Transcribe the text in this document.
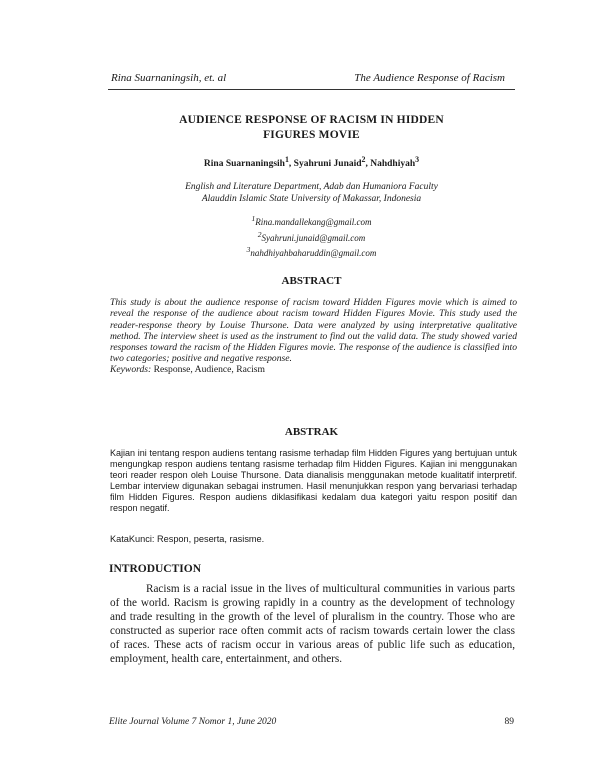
Rina Suarnaningsih, et. al	The Audience Response of Racism
AUDIENCE RESPONSE OF RACISM IN HIDDEN
FIGURES MOVIE
Rina Suarnaningsih$^1$, Syahruni Junaid$^2$, Nahdhiyah$^3$
English and Literature Department, Adab dan Humaniora Faculty
Alauddin Islamic State University of Makassar, Indonesia
$^1$Rina.mandallekang@gmail.com
$^2$Syahruni.junaid@gmail.com
$^3$nahdhiyahbaharuddin@gmail.com
ABSTRACT
This study is about the audience response of racism toward Hidden Figures movie which is aimed to reveal the response of the audience about racism toward Hidden Figures Movie. This study used the reader-response theory by Louise Thursone. Data were analyzed by using interpretative qualitative method. The interview sheet is used as the instrument to find out the valid data. The study showed varied responses toward the racism of the Hidden Figures movie. The response of the audience is classified into two categories; positive and negative response.
Keywords: Response, Audience, Racism
ABSTRAK
Kajian ini tentang respon audiens tentang rasisme terhadap film Hidden Figures yang bertujuan untuk mengungkap respon audiens tentang rasisme terhadap film Hidden Figures. Kajian ini menggunakan teori reader respon oleh Louise Thursone. Data dianalisis menggunakan metode kualitatif interpretif. Lembar interview digunakan sebagai instrumen. Hasil menunjukkan respon yang bervariasi terhadap film Hidden Figures. Respon audiens diklasifikasi kedalam dua kategori yaitu respon positif dan respon negatif.
KataKunci: Respon, peserta, rasisme.
INTRODUCTION
Racism is a racial issue in the lives of multicultural communities in various parts of the world. Racism is growing rapidly in a country as the development of technology and trade resulting in the growth of the level of pluralism in the country. Those who are constructed as superior race often commit acts of racism towards certain lower the class of races. These acts of racism occur in various areas of public life such as education, employment, health care, entertainment, and others.
Elite Journal Volume 7 Nomor 1, June 2020	89
